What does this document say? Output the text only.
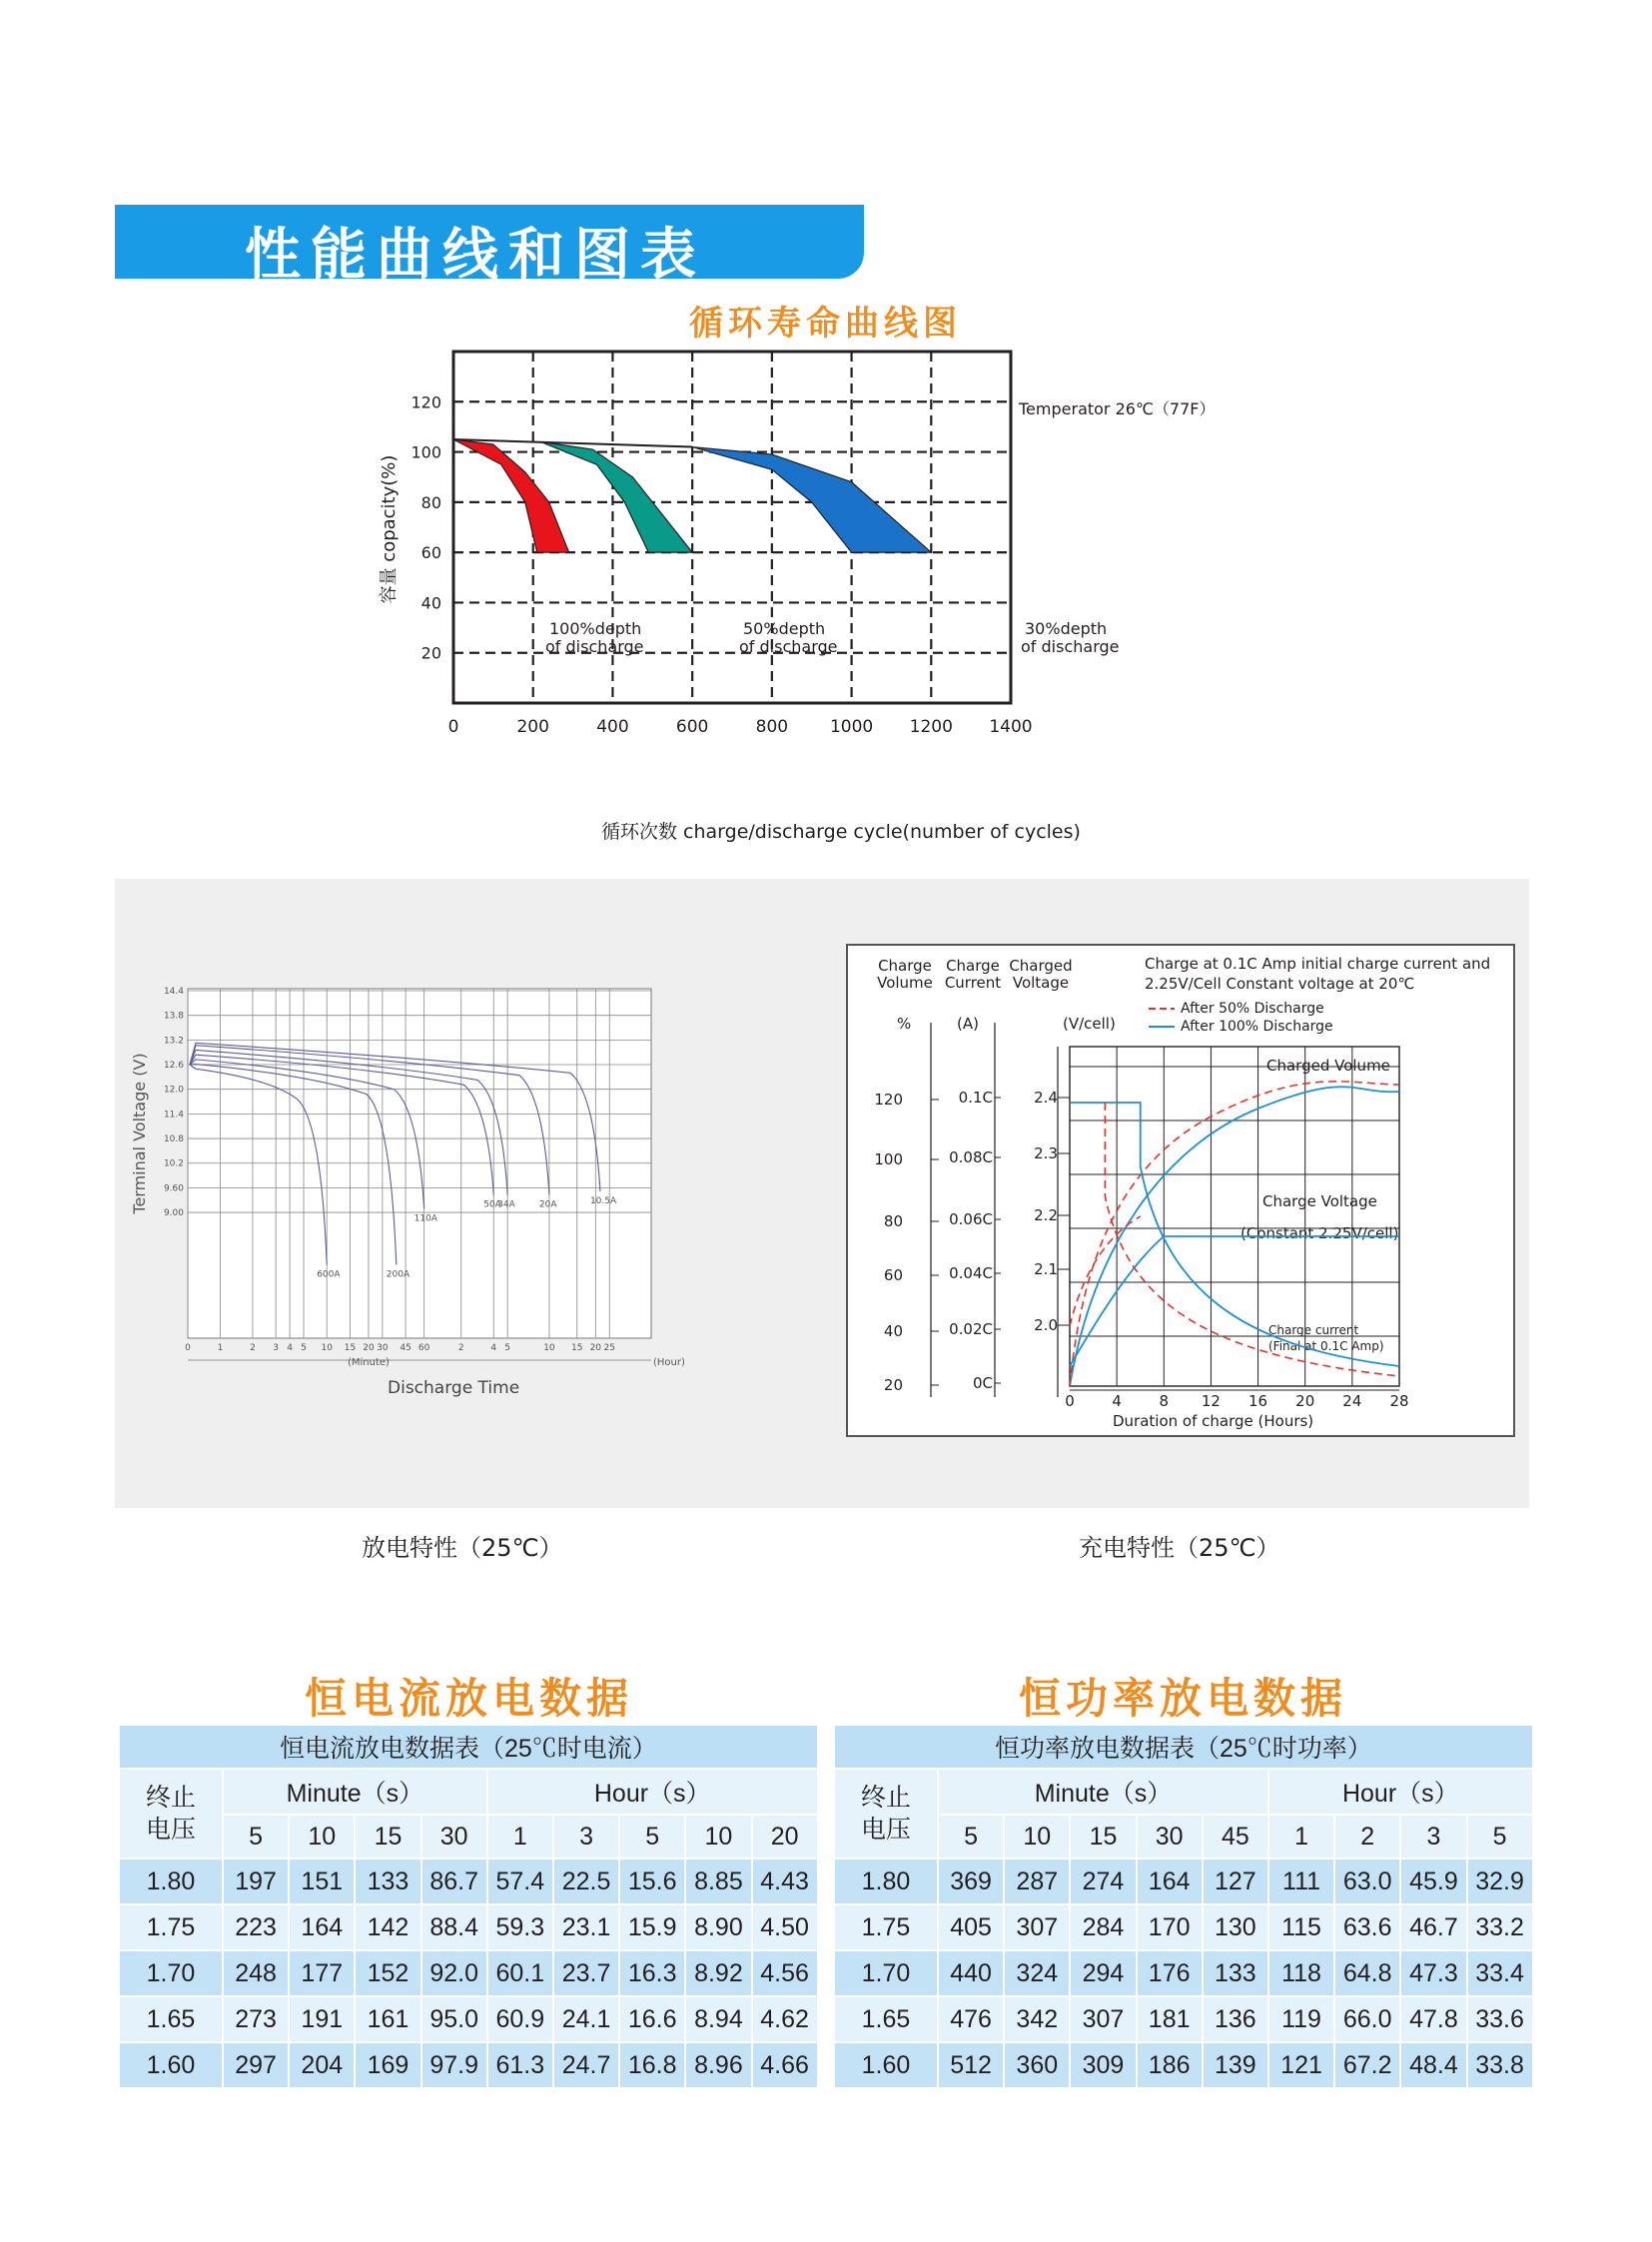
性能曲线和图表
循环寿命曲线图
0	200	400	600	800 1000 1200 1400
20
40
60
80
100
120
容量 copacity(%)
Temperator 26℃（77F）
100%depth
of discharge
50%depth
of discharge
30%depth
of discharge
循环次数 charge/discharge cycle(number of cycles)
14.4
13.8
13.2
12.6
12.0
11.4
10.8
10.2
9.60
9.00
0	1	2 3 4 5 10 15 20 30 45 60	2	4 5	10 15 20 25
600A	200A
110A
50A
34A	20A	10.5A
Terminal Voltage (V)
(Minute)	(Hour)
Discharge Time
Charge
Volume
Charge
Current
Charged
Voltage
%	(A)	(V/cell)
Charge at 0.1C Amp initial charge current and
2.25V/Cell Constant voltage at 20℃
After 50% Discharge
After 100% Discharge
0	4	8 12 16 20 24 28
120
100
80
60
40
20
0.1C
0.08C
0.06C
0.04C
0.02C
0C
2.4
2.3
2.2
2.1
2.0
Charged Volume
Charge Voltage
(Constant 2.25V/cell)
Charge current
(Final at 0.1C Amp)
Duration of charge (Hours)
放电特性（25℃）	充电特性（25℃）
恒电流放电数据	恒功率放电数据
恒电流放电数据表（25℃时电流）									
终止
电压	Minute（s）				Hour（s）				
	5	10	15	30	1	3	5	10	20
1.80	197	151	133	86.7	57.4	22.5	15.6	8.85	4.43
1.75	223	164	142	88.4	59.3	23.1	15.9	8.90	4.50
1.70	248	177	152	92.0	60.1	23.7	16.3	8.92	4.56
1.65	273	191	161	95.0	60.9	24.1	16.6	8.94	4.62
1.60	297	204	169	97.9	61.3	24.7	16.8	8.96	4.66
恒功率放电数据表（25℃时功率）									
终止
电压	Minute（s）					Hour（s）			
	5	10	15	30	45	1	2	3	5
1.80	369	287	274	164	127	111	63.0	45.9	32.9
1.75	405	307	284	170	130	115	63.6	46.7	33.2
1.70	440	324	294	176	133	118	64.8	47.3	33.4
1.65	476	342	307	181	136	119	66.0	47.8	33.6
1.60	512	360	309	186	139	121	67.2	48.4	33.8
